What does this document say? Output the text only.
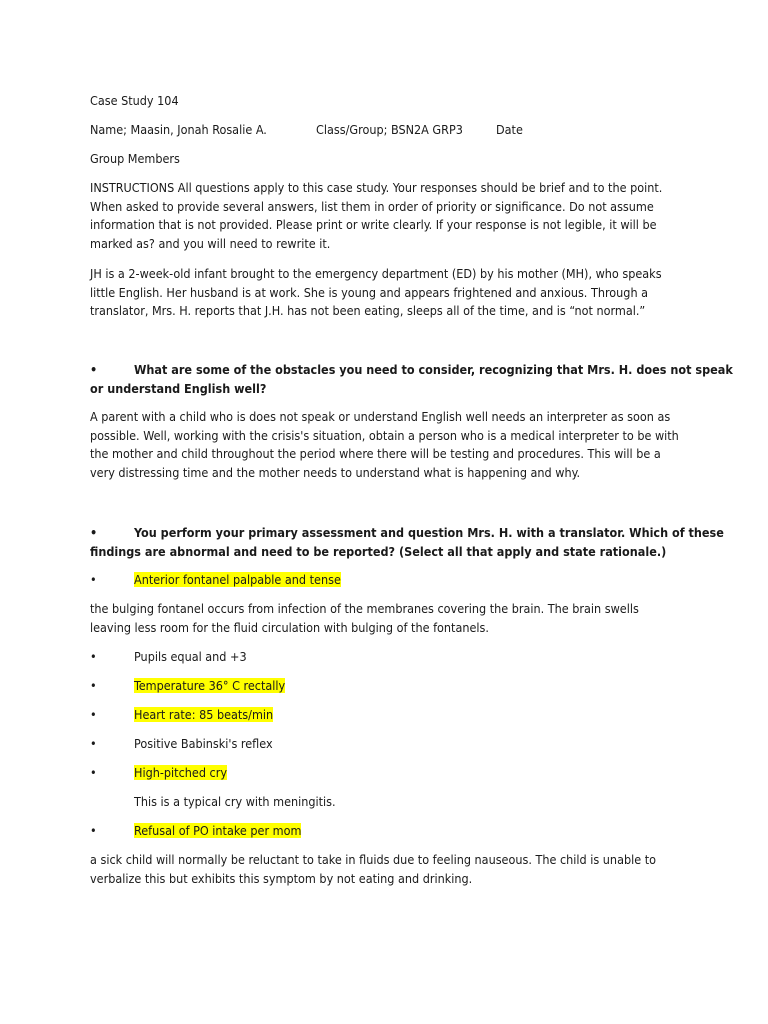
Case Study 104
Name; Maasin, Jonah Rosalie A.	Class/Group; BSN2A GRP3	Date
Group Members
INSTRUCTIONS All questions apply to this case study. Your responses should be brief and to the point.
When asked to provide several answers, list them in order of priority or significance. Do not assume
information that is not provided. Please print or write clearly. If your response is not legible, it will be
marked as? and you will need to rewrite it.
JH is a 2-week-old infant brought to the emergency department (ED) by his mother (MH), who speaks
little English. Her husband is at work. She is young and appears frightened and anxious. Through a
translator, Mrs. H. reports that J.H. has not been eating, sleeps all of the time, and is “not normal.”
•	What are some of the obstacles you need to consider, recognizing that Mrs. H. does not speak
or understand English well?
A parent with a child who is does not speak or understand English well needs an interpreter as soon as
possible. Well, working with the crisis's situation, obtain a person who is a medical interpreter to be with
the mother and child throughout the period where there will be testing and procedures. This will be a
very distressing time and the mother needs to understand what is happening and why.
•	You perform your primary assessment and question Mrs. H. with a translator. Which of these
findings are abnormal and need to be reported? (Select all that apply and state rationale.)
•	Anterior fontanel palpable and tense
the bulging fontanel occurs from infection of the membranes covering the brain. The brain swells
leaving less room for the fluid circulation with bulging of the fontanels.
•	Pupils equal and +3
•	Temperature 36° C rectally
•	Heart rate: 85 beats/min
•	Positive Babinski's reflex
•	High-pitched cry
This is a typical cry with meningitis.
•	Refusal of PO intake per mom
a sick child will normally be reluctant to take in fluids due to feeling nauseous. The child is unable to
verbalize this but exhibits this symptom by not eating and drinking.
